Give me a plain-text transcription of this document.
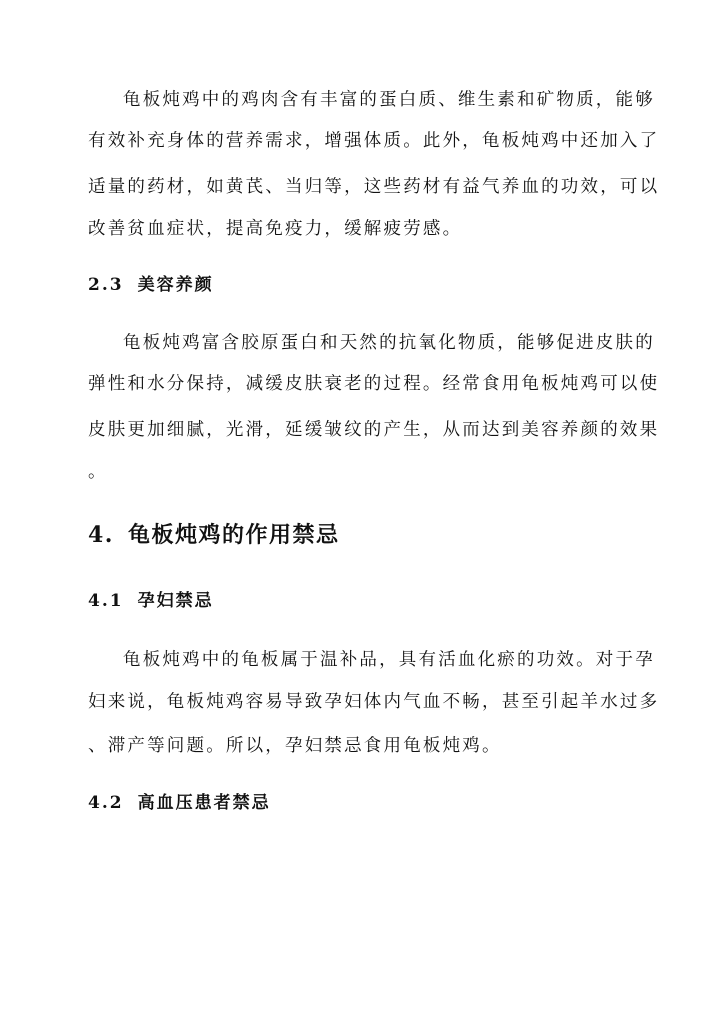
龟板炖鸡中的鸡肉含有丰富的蛋白质、维生素和矿物质，能够
有效补充身体的营养需求，增强体质。此外，龟板炖鸡中还加入了
适量的药材，如黄芪、当归等，这些药材有益气养血的功效，可以
改善贫血症状，提高免疫力，缓解疲劳感。
2.3 美容养颜
龟板炖鸡富含胶原蛋白和天然的抗氧化物质，能够促进皮肤的
弹性和水分保持，减缓皮肤衰老的过程。经常食用龟板炖鸡可以使
皮肤更加细腻，光滑，延缓皱纹的产生，从而达到美容养颜的效果
。
4. 龟板炖鸡的作用禁忌
4.1 孕妇禁忌
龟板炖鸡中的龟板属于温补品，具有活血化瘀的功效。对于孕
妇来说，龟板炖鸡容易导致孕妇体内气血不畅，甚至引起羊水过多
、滞产等问题。所以，孕妇禁忌食用龟板炖鸡。
4.2 高血压患者禁忌
